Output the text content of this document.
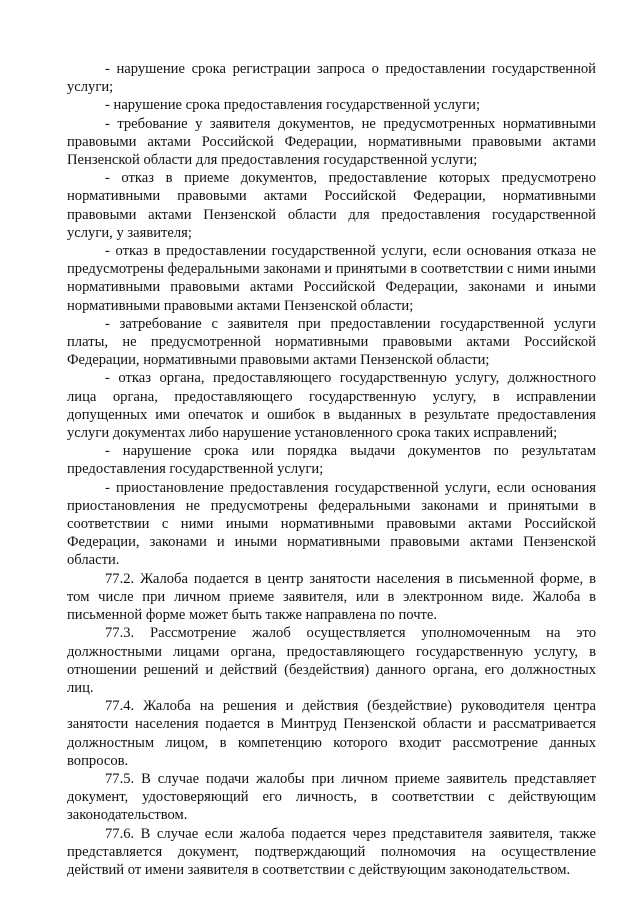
- нарушение срока регистрации запроса о предоставлении государственной услуги;

- нарушение срока предоставления государственной услуги;

- требование у заявителя документов, не предусмотренных нормативными правовыми актами Российской Федерации, нормативными правовыми актами Пензенской области для предоставления государственной услуги;

- отказ в приеме документов, предоставление которых предусмотрено нормативными правовыми актами Российской Федерации, нормативными правовыми актами Пензенской области для предоставления государственной услуги, у заявителя;

- отказ в предоставлении государственной услуги, если основания отказа не предусмотрены федеральными законами и принятыми в соответствии с ними иными нормативными правовыми актами Российской Федерации, законами и иными нормативными правовыми актами Пензенской области;

- затребование с заявителя при предоставлении государственной услуги платы, не предусмотренной нормативными правовыми актами Российской Федерации, нормативными правовыми актами Пензенской области;

- отказ органа, предоставляющего государственную услугу, должностного лица органа, предоставляющего государственную услугу, в исправлении допущенных ими опечаток и ошибок в выданных в результате предоставления услуги документах либо нарушение установленного срока таких исправлений;

- нарушение срока или порядка выдачи документов по результатам предоставления государственной услуги;

- приостановление предоставления государственной услуги, если основания приостановления не предусмотрены федеральными законами и принятыми в соответствии с ними иными нормативными правовыми актами Российской Федерации, законами и иными нормативными правовыми актами Пензенской области.

77.2. Жалоба подается в центр занятости населения в письменной форме, в том числе при личном приеме заявителя, или в электронном виде. Жалоба в письменной форме может быть также направлена по почте.

77.3. Рассмотрение жалоб осуществляется уполномоченным на это должностными лицами органа, предоставляющего государственную услугу, в отношении решений и действий (бездействия) данного органа, его должностных лиц.

77.4. Жалоба на решения и действия (бездействие) руководителя центра занятости населения подается в Минтруд Пензенской области и рассматривается должностным лицом, в компетенцию которого входит рассмотрение данных вопросов.

77.5. В случае подачи жалобы при личном приеме заявитель представляет документ, удостоверяющий его личность, в соответствии с действующим законодательством.

77.6. В случае если жалоба подается через представителя заявителя, также представляется документ, подтверждающий полномочия на осуществление действий от имени заявителя в соответствии с действующим законодательством.
